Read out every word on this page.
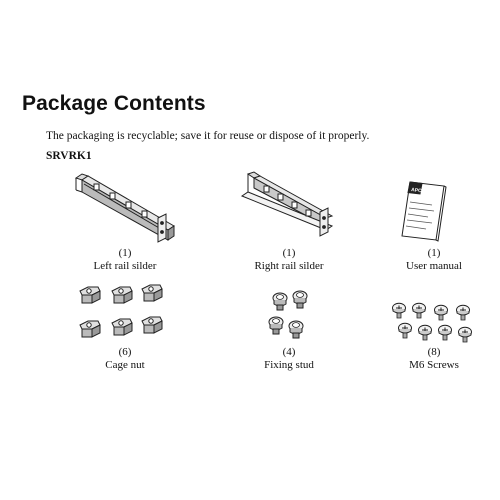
Package Contents
The packaging is recyclable; save it for reuse or dispose of it properly.
SRVRK1
APC
(1)
Left rail silder
(1)
Right rail silder
(1)
User manual
(6)
Cage nut
(4)
Fixing stud
(8)
M6 Screws
